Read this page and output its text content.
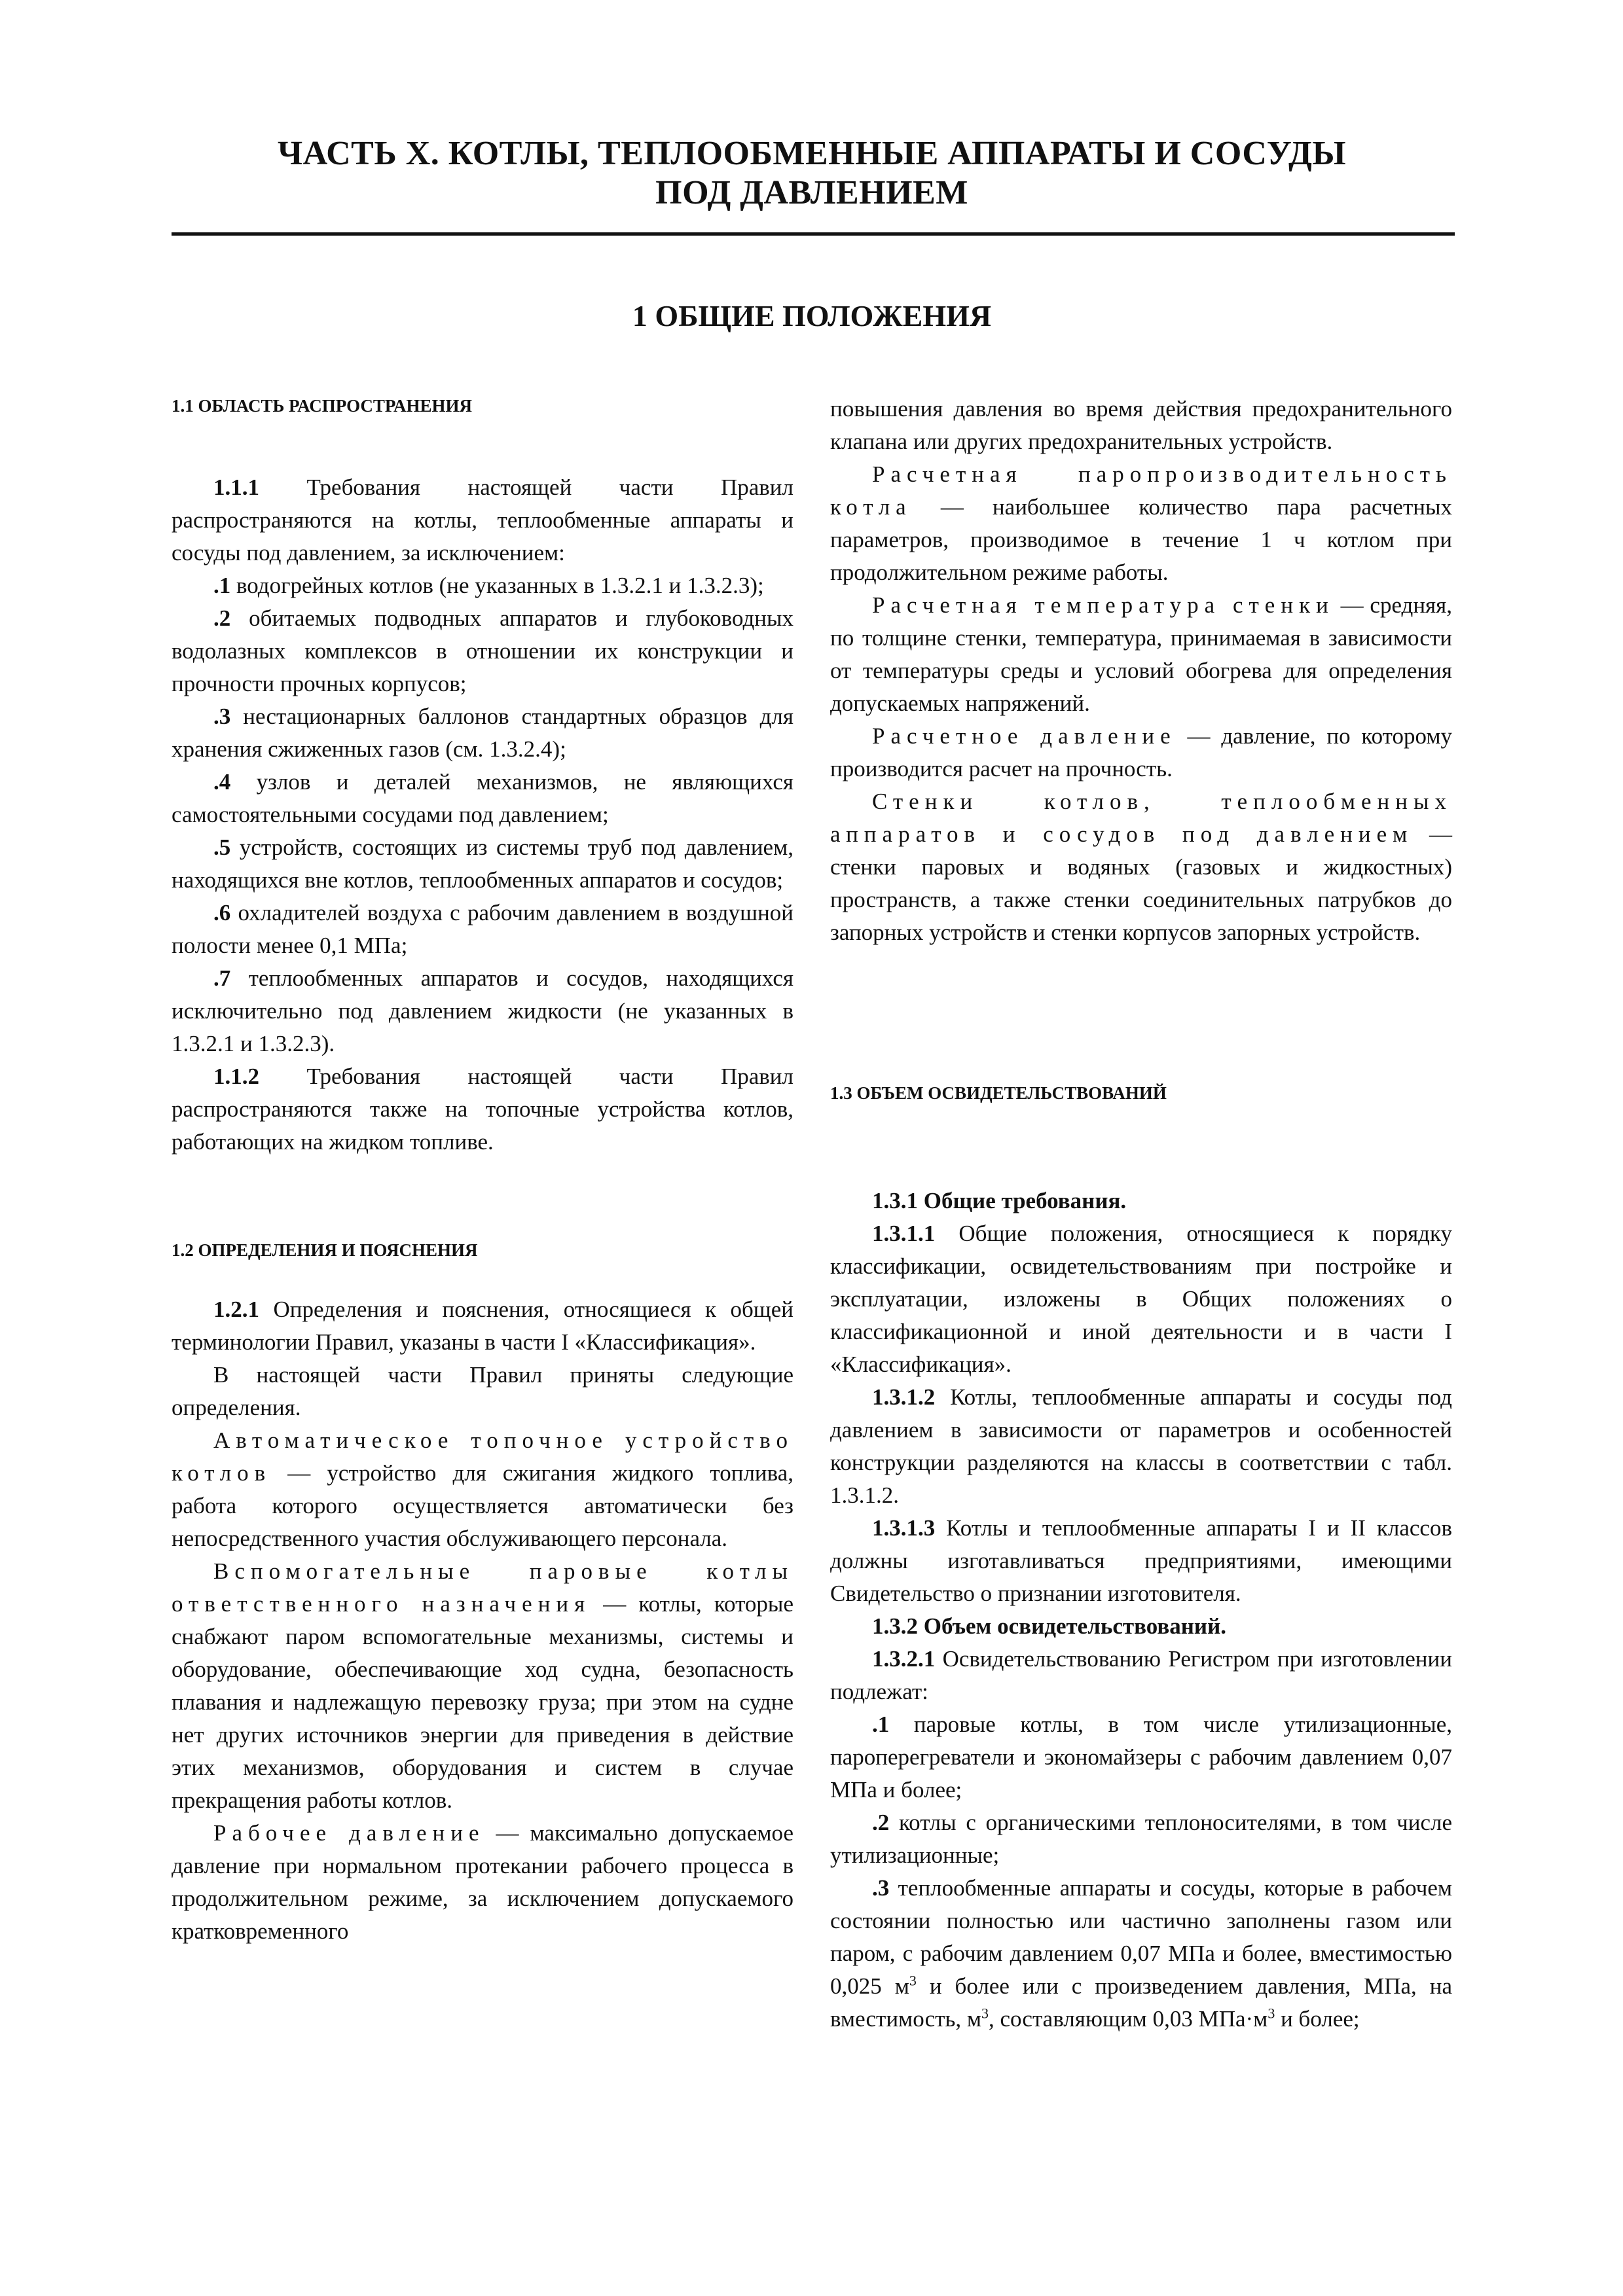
ЧАСТЬ X. КОТЛЫ, ТЕПЛООБМЕННЫЕ АППАРАТЫ И СОСУДЫ
ПОД ДАВЛЕНИЕМ
1 ОБЩИЕ ПОЛОЖЕНИЯ

1.1 ОБЛАСТЬ РАСПРОСТРАНЕНИЯ

1.1.1 Требования настоящей части Правил распространяются на котлы, теплообменные аппараты и сосуды под давлением, за исключением:

.1 водогрейных котлов (не указанных в 1.3.2.1 и 1.3.2.3);

.2 обитаемых подводных аппаратов и глубоководных водолазных комплексов в отношении их конструкции и прочности прочных корпусов;

.3 нестационарных баллонов стандартных образцов для хранения сжиженных газов (см. 1.3.2.4);

.4 узлов и деталей механизмов, не являющихся самостоятельными сосудами под давлением;

.5 устройств, состоящих из системы труб под давлением, находящихся вне котлов, теплообменных аппаратов и сосудов;

.6 охладителей воздуха с рабочим давлением в воздушной полости менее 0,1 МПа;

.7 теплообменных аппаратов и сосудов, находящихся исключительно под давлением жидкости (не указанных в 1.3.2.1 и 1.3.2.3).

1.1.2 Требования настоящей части Правил распространяются также на топочные устройства котлов, работающих на жидком топливе.

1.2 ОПРЕДЕЛЕНИЯ И ПОЯСНЕНИЯ

1.2.1 Определения и пояснения, относящиеся к общей терминологии Правил, указаны в части I «Классификация».

В настоящей части Правил приняты следующие определения.

Автоматическое топочное устройство котлов — устройство для сжигания жидкого топлива, работа которого осуществляется автоматически без непосредственного участия обслуживающего персонала.

Вспомогательные паровые котлы ответственного назначения — котлы, которые снабжают паром вспомогательные механизмы, системы и оборудование, обеспечивающие ход судна, безопасность плавания и надлежащую перевозку груза; при этом на судне нет других источников энергии для приведения в действие этих механизмов, оборудования и систем в случае прекращения работы котлов.

Рабочее давление — максимально допускаемое давление при нормальном протекании рабочего процесса в продолжительном режиме, за исключением допускаемого кратковременного

повышения давления во время действия предохранительного клапана или других предохранительных устройств.

Расчетная паропроизводительность котла — наибольшее количество пара расчетных параметров, производимое в течение 1 ч котлом при продолжительном режиме работы.

Расчетная температура стенки — средняя, по толщине стенки, температура, принимаемая в зависимости от температуры среды и условий обогрева для определения допускаемых напряжений.

Расчетное давление — давление, по которому производится расчет на прочность.

Стенки котлов, теплообменных аппаратов и сосудов под давлением — стенки паровых и водяных (газовых и жидкостных) пространств, а также стенки соединительных патрубков до запорных устройств и стенки корпусов запорных устройств.

1.3 ОБЪЕМ ОСВИДЕТЕЛЬСТВОВАНИЙ

1.3.1 Общие требования.

1.3.1.1 Общие положения, относящиеся к порядку классификации, освидетельствованиям при постройке и эксплуатации, изложены в Общих положениях о классификационной и иной деятельности и в части I «Классификация».

1.3.1.2 Котлы, теплообменные аппараты и сосуды под давлением в зависимости от параметров и особенностей конструкции разделяются на классы в соответствии с табл. 1.3.1.2.

1.3.1.3 Котлы и теплообменные аппараты I и II классов должны изготавливаться предприятиями, имеющими Свидетельство о признании изготовителя.

1.3.2 Объем освидетельствований.

1.3.2.1 Освидетельствованию Регистром при изготовлении подлежат:

.1 паровые котлы, в том числе утилизационные, пароперегреватели и экономайзеры с рабочим давлением 0,07 МПа и более;

.2 котлы с органическими теплоносителями, в том числе утилизационные;

.3 теплообменные аппараты и сосуды, которые в рабочем состоянии полностью или частично заполнены газом или паром, с рабочим давлением 0,07 МПа и более, вместимостью 0,025 $м^3$ и более или с произведением давления, МПа, на вместимость, $м^3$, составляющим 0,03 $МПа\cdot м^3$ и более;
